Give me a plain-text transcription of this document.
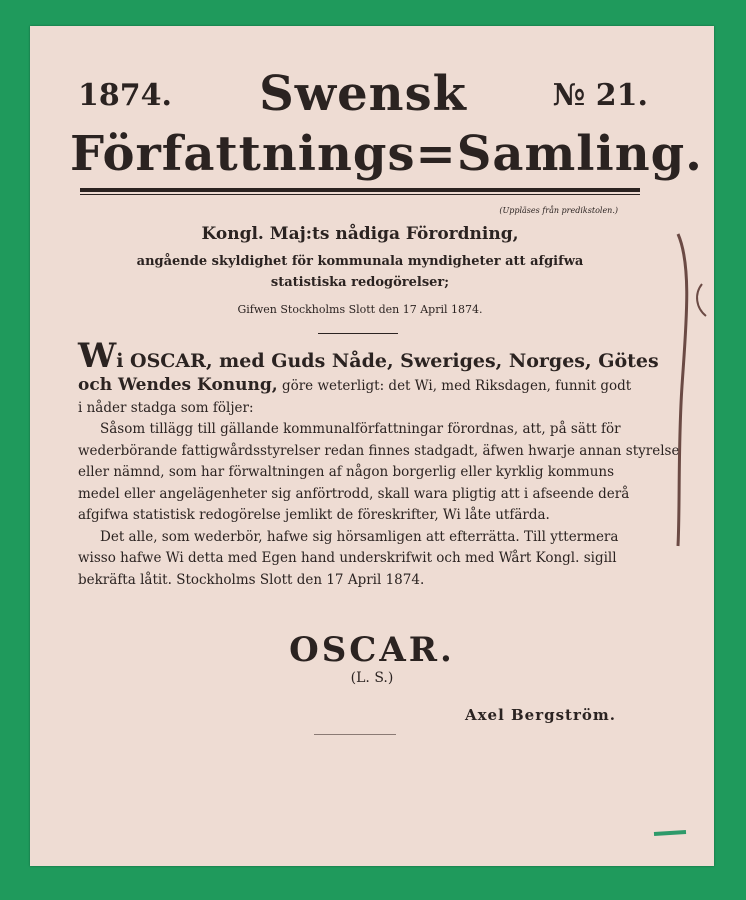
1874.	Swensk	№ 21.
Författnings=Samling.
(Uppläses från predikstolen.)
Kongl. Maj:ts nådiga Förordning,
angående skyldighet för kommunala myndigheter att afgifwa
statistiska redogörelser;
Gifwen Stockholms Slott den 17 April 1874.
Wi OSCAR, med Guds Nåde, Sweriges, Norges, Götes
och Wendes Konung, göre weterligt: det Wi, med Riksdagen, funnit godt
i nåder stadga som följer:
Såsom tillägg till gällande kommunalförfattningar förordnas, att, på sätt för
wederbörande fattigwårdsstyrelser redan finnes stadgadt, äfwen hwarje annan styrelse
eller nämnd, som har förwaltningen af någon borgerlig eller kyrklig kommuns
medel eller angelägenheter sig anförtrodd, skall wara pligtig att i afseende derå
afgifwa statistisk redogörelse jemlikt de föreskrifter, Wi låte utfärda.
Det alle, som wederbör, hafwe sig hörsamligen att efterrätta. Till yttermera
wisso hafwe Wi detta med Egen hand underskrifwit och med Wårt Kongl. sigill
bekräfta låtit. Stockholms Slott den 17 April 1874.
OSCAR.
(L. S.)
Axel Bergström.
